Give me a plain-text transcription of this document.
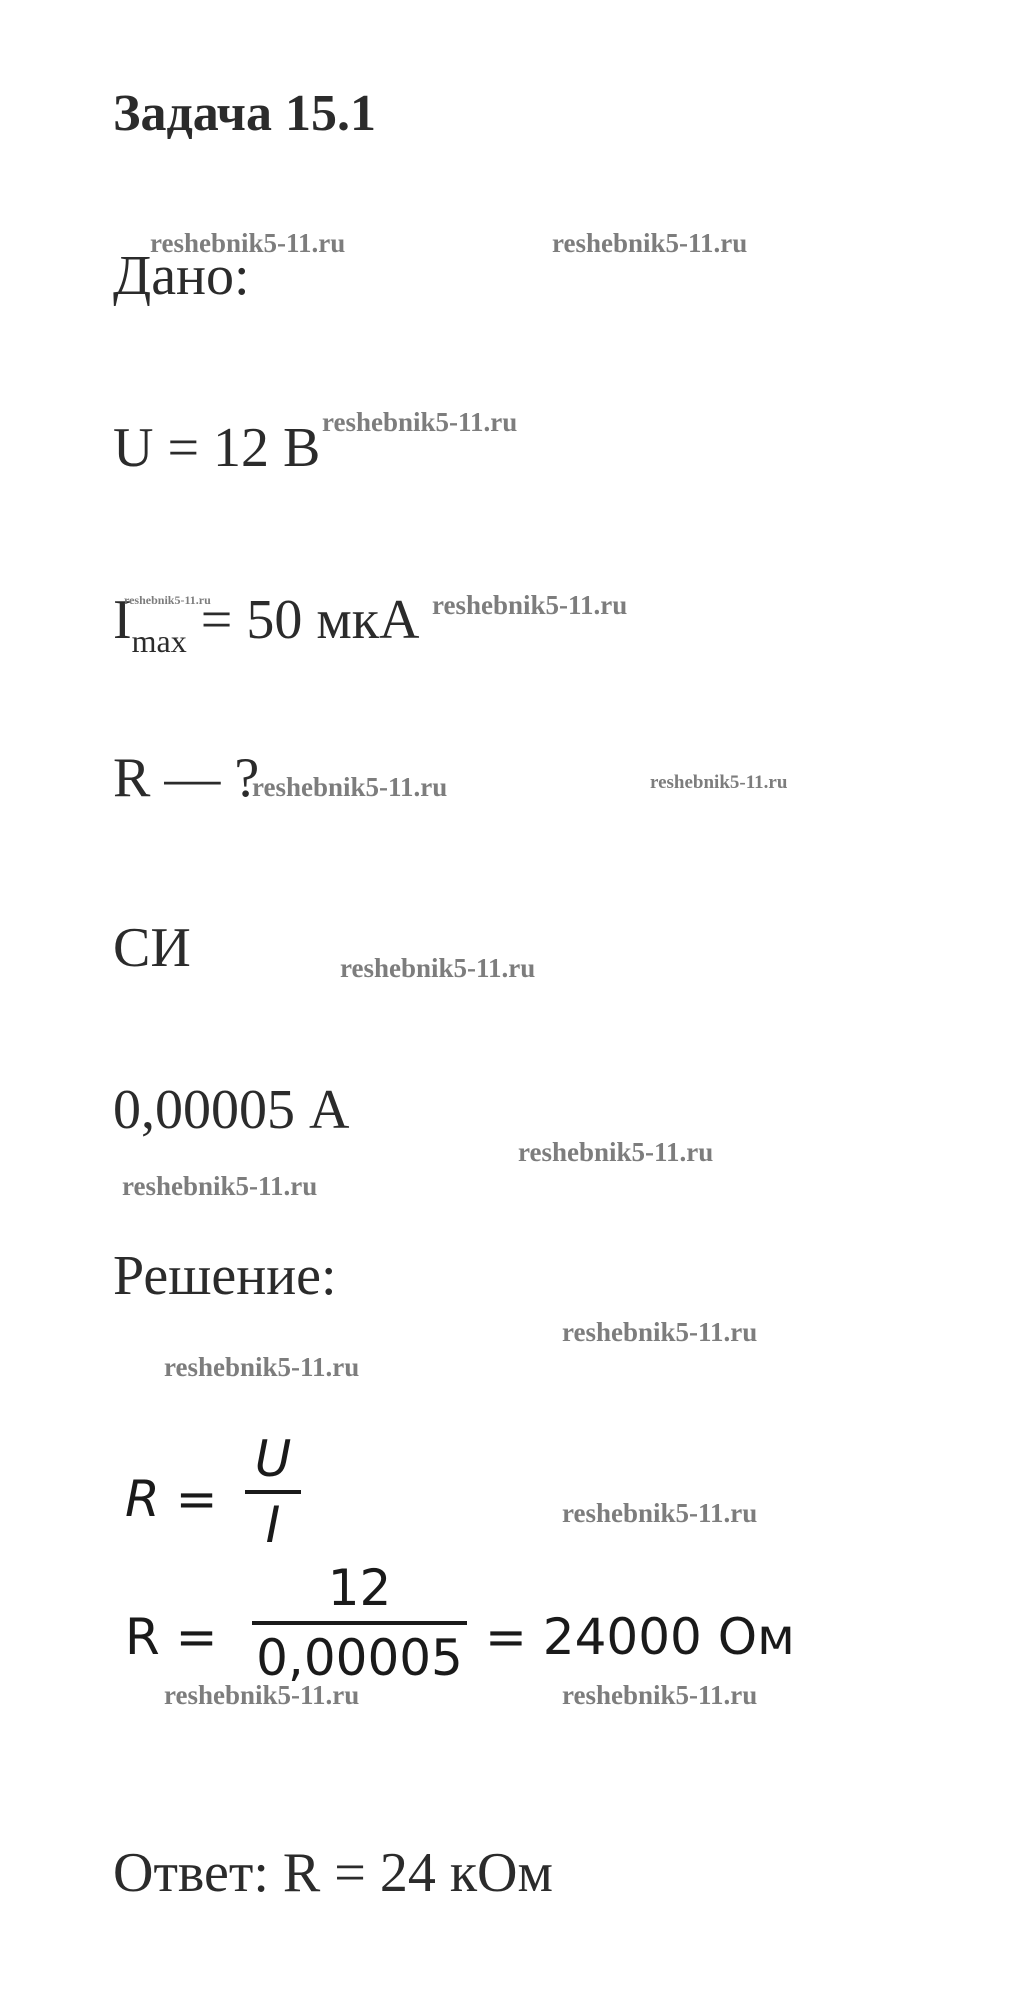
Задача 15.1
Дано:
U = 12 В
$I_{max} = 50$ мкА
R — ?
СИ
0,00005 А
Решение:
R =
U
I
R =
12
0,00005 = 24000 Ом
Ответ: R = 24 кОм
reshebnik5-11.ru	reshebnik5-11.ru
reshebnik5-11.ru
reshebnik5-11.ru	reshebnik5-11.ru
reshebnik5-11.ru	reshebnik5-11.ru
reshebnik5-11.ru
reshebnik5-11.ru
reshebnik5-11.ru
reshebnik5-11.ru
reshebnik5-11.ru
reshebnik5-11.ru
reshebnik5-11.ru	reshebnik5-11.ru
